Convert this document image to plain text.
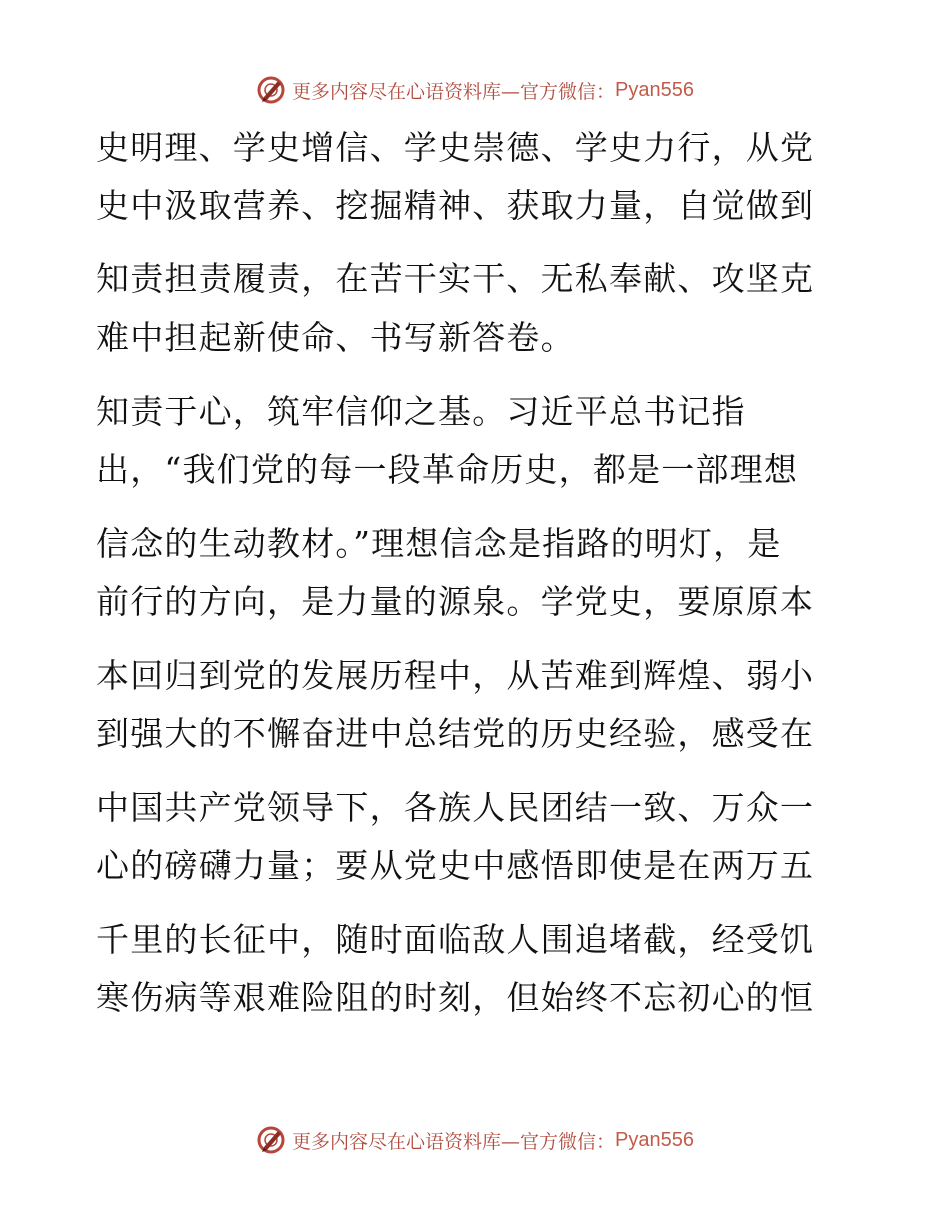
更多内容尽在心语资料库—官方微信： Pyan556
史明理、学史增信、学史崇德、学史力行，从党
史中汲取营养、挖掘精神、获取力量，自觉做到
知责担责履责，在苦干实干、无私奉献、攻坚克
难中担起新使命、书写新答卷。
知责于心，筑牢信仰之基。习近平总书记指
出，“我们党的每一段革命历史，都是一部理想
信念的生动教材。”理想信念是指路的明灯，是
前行的方向，是力量的源泉。学党史，要原原本
本回归到党的发展历程中，从苦难到辉煌、弱小
到强大的不懈奋进中总结党的历史经验，感受在
中国共产党领导下，各族人民团结一致、万众一
心的磅礴力量；要从党史中感悟即使是在两万五
千里的长征中，随时面临敌人围追堵截，经受饥
寒伤病等艰难险阻的时刻，但始终不忘初心的恒
更多内容尽在心语资料库—官方微信： Pyan556
